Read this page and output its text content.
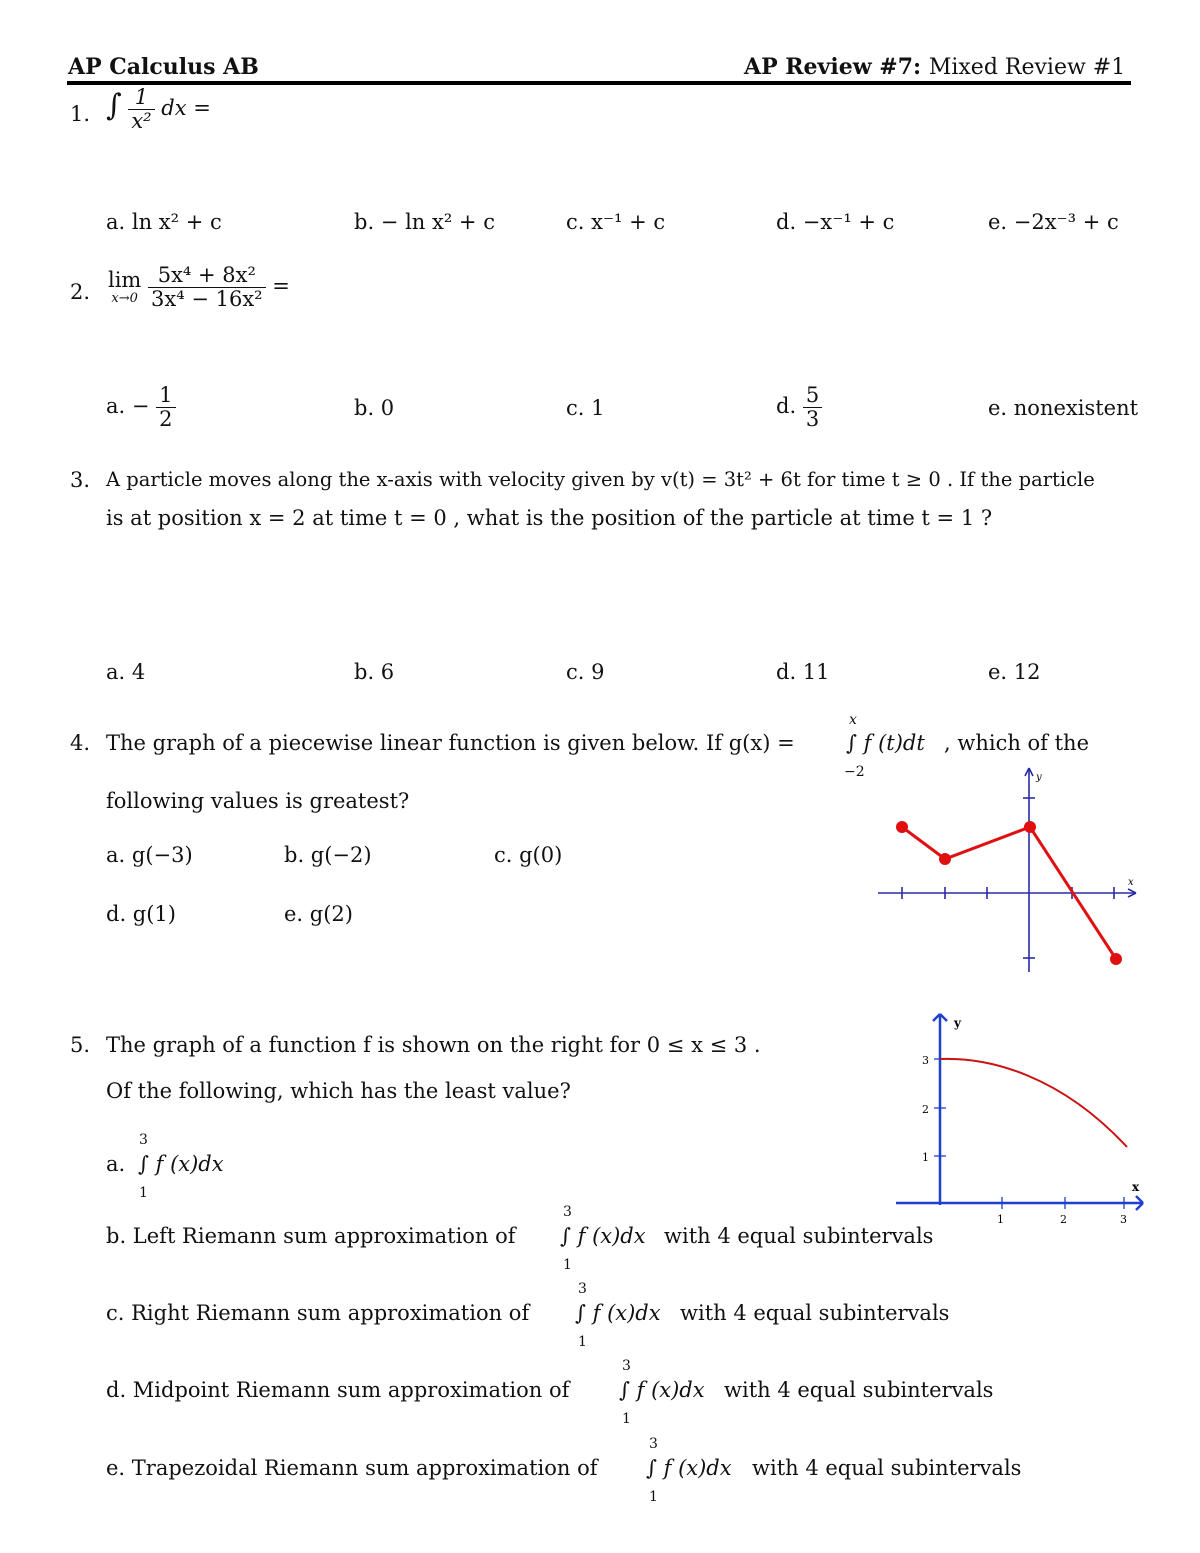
AP Calculus AB	AP Review #7: Mixed Review #1
1. ∫ $\frac{1}{\text{x²}}$ dx =
a. ln x² + c	b. − ln x² + c	c. x⁻¹ + c	d. −x⁻¹ + c	e. −2x⁻³ + c
2.
lim
x→0
$\frac{\text{5x⁴ + 8x²}}{\text{3x⁴ − 16x²}}$ =
a. − $\frac{1}{2}$	b. 0	c. 1	d. $\frac{5}{3}$	e. nonexistent
3. A particle moves along the x-axis with velocity given by v(t) = 3t² + 6t for time t ≥ 0 . If the particle
is at position x = 2 at time t = 0 , what is the position of the particle at time t = 1 ?
a. 4	b. 6	c. 9	d. 11	e. 12
4. The graph of a piecewise linear function is given below. If g(x) =
x
∫ f (t)dt
−2
, which of the
following values is greatest?
a. g(−3)	b. g(−2)	c. g(0)
d. g(1)	e. g(2)
x
y
5. The graph of a function f is shown on the right for 0 ≤ x ≤ 3 .
Of the following, which has the least value?
y
x
3
2
1
1	2	3
a.
3
∫ f (x)dx
1
b. Left Riemann sum approximation of
3
∫ f (x)dx
1
with 4 equal subintervals
c. Right Riemann sum approximation of
3
∫ f (x)dx
1
with 4 equal subintervals
d. Midpoint Riemann sum approximation of
3
∫ f (x)dx
1
with 4 equal subintervals
e. Trapezoidal Riemann sum approximation of
3
∫ f (x)dx
1
with 4 equal subintervals
